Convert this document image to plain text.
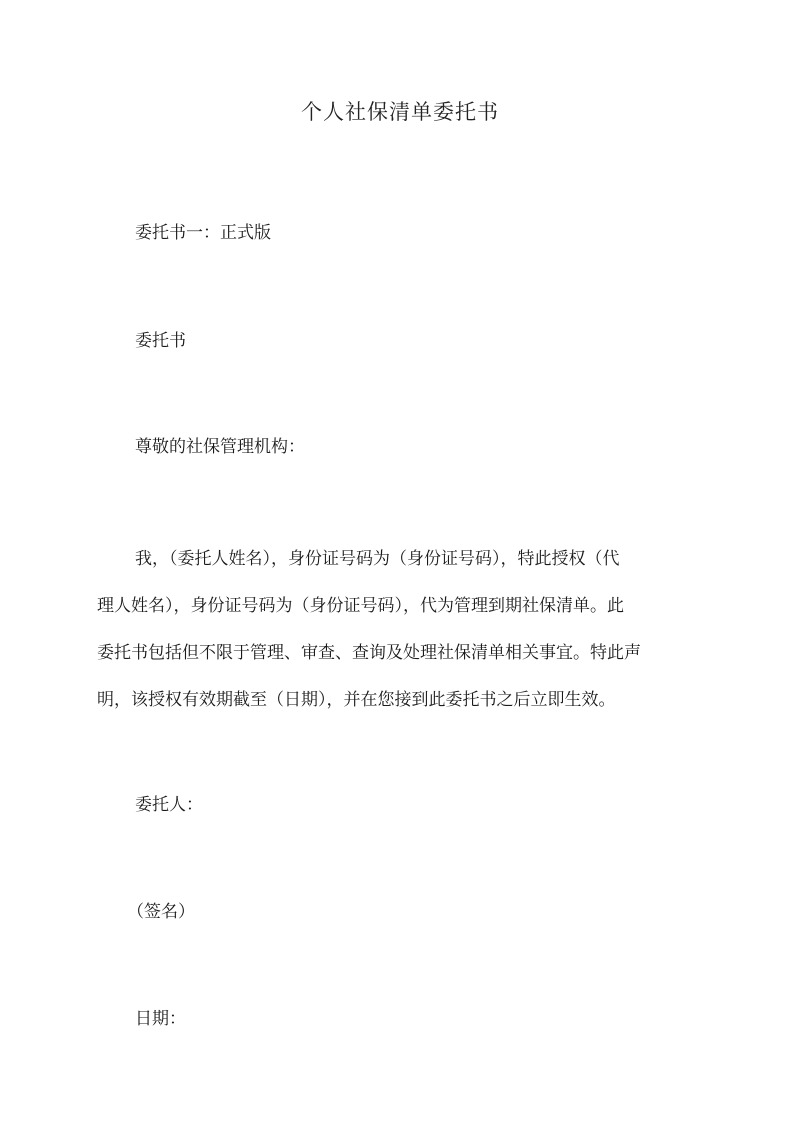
个人社保清单委托书
委托书一：正式版
委托书
尊敬的社保管理机构：
我，（委托人姓名），身份证号码为（身份证号码），特此授权（代
理人姓名），身份证号码为（身份证号码），代为管理到期社保清单。此
委托书包括但不限于管理、审查、查询及处理社保清单相关事宜。特此声
明，该授权有效期截至（日期），并在您接到此委托书之后立即生效。
委托人：
（签名）
日期：
